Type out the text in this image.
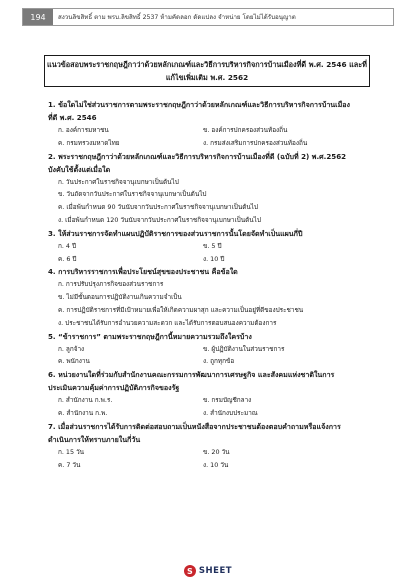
194	สงวนลิขสิทธิ์ ตาม พรบ.ลิขสิทธิ์ 2537 ห้ามคัดลอก ดัดแปลง จำหน่าย โดยไม่ได้รับอนุญาต
แนวข้อสอบพระราชกฤษฎีกาว่าด้วยหลักเกณฑ์และวิธีการบริหารกิจการบ้านเมืองที่ดี พ.ศ. 2546 และที่
แก้ไขเพิ่มเติม พ.ศ. 2562
1. ข้อใดไม่ใช่ส่วนราชการตามพระราชกฤษฎีกาว่าด้วยหลักเกณฑ์และวิธีการบริหารกิจการบ้านเมือง
ที่ดี พ.ศ. 2546
ก. องค์การมหาชน	ข. องค์การปกครองส่วนท้องถิ่น
ค. กรมทรวงมหาดไทย	ง. กรมส่งเสริมการปกครองส่วนท้องถิ่น
2. พระราชกฤษฎีกาว่าด้วยหลักเกณฑ์และวิธีการบริหารกิจการบ้านเมืองที่ดี (ฉบับที่ 2) พ.ศ.2562
บังคับใช้ตั้งแต่เมื่อใด
ก. วันประกาศในราชกิจจานุเบกษาเป็นต้นไป
ข. วันถัดจากวันประกาศในราชกิจจานุเบกษาเป็นต้นไป
ค. เมื่อพ้นกำหนด 90 วันนับจากวันประกาศในราชกิจจานุเบกษาเป็นต้นไป
ง. เมื่อพ้นกำหนด 120 วันนับจากวันประกาศในราชกิจจานุเบกษาเป็นต้นไป
3. ให้ส่วนราชการจัดทำแผนปฏิบัติราชการของส่วนราชการนั้นโดยจัดทำเป็นแผนกี่ปี
ก. 4 ปี	ข. 5 ปี
ค. 6 ปี	ง. 10 ปี
4. การบริหารราชการเพื่อประโยชน์สุขของประชาชน คือข้อใด
ก. การปรับปรุงภารกิจของส่วนราชการ
ข. ไม่มีขั้นตอนการปฏิบัติงานเกินความจำเป็น
ค. การปฏิบัติราชการที่มีเป้าหมายเพื่อให้เกิดความผาสุก และความเป็นอยู่ที่ดีของประชาชน
ง. ประชาชนได้รับการอำนวยความสะดวก และได้รับการตอบสนองความต้องการ
5. “ข้าราชการ” ตามพระราชกฤษฎีกานี้หมายความรวมถึงใครบ้าง
ก. ลูกจ้าง	ข. ผู้ปฏิบัติงานในส่วนราชการ
ค. พนักงาน	ง. ถูกทุกข้อ
6. หน่วยงานใดที่ร่วมกับสำนักงานคณะกรรมการพัฒนาการเศรษฐกิจ และสังคมแห่งชาติในการ
ประเมินความคุ้มค่าการปฏิบัติภารกิจของรัฐ
ก. สำนักงาน ก.พ.ร.	ข. กรมบัญชีกลาง
ค. สำนักงาน ก.พ.	ง. สำนักงบประมาณ
7. เมื่อส่วนราชการได้รับการติดต่อสอบถามเป็นหนังสือจากประชาชนต้องตอบคำถามหรือแจ้งการ
ดำเนินการให้ทราบภายในกี่วัน
ก. 15 วัน	ข. 20 วัน
ค. 7 วัน	ง. 10 วัน
S SHEET
